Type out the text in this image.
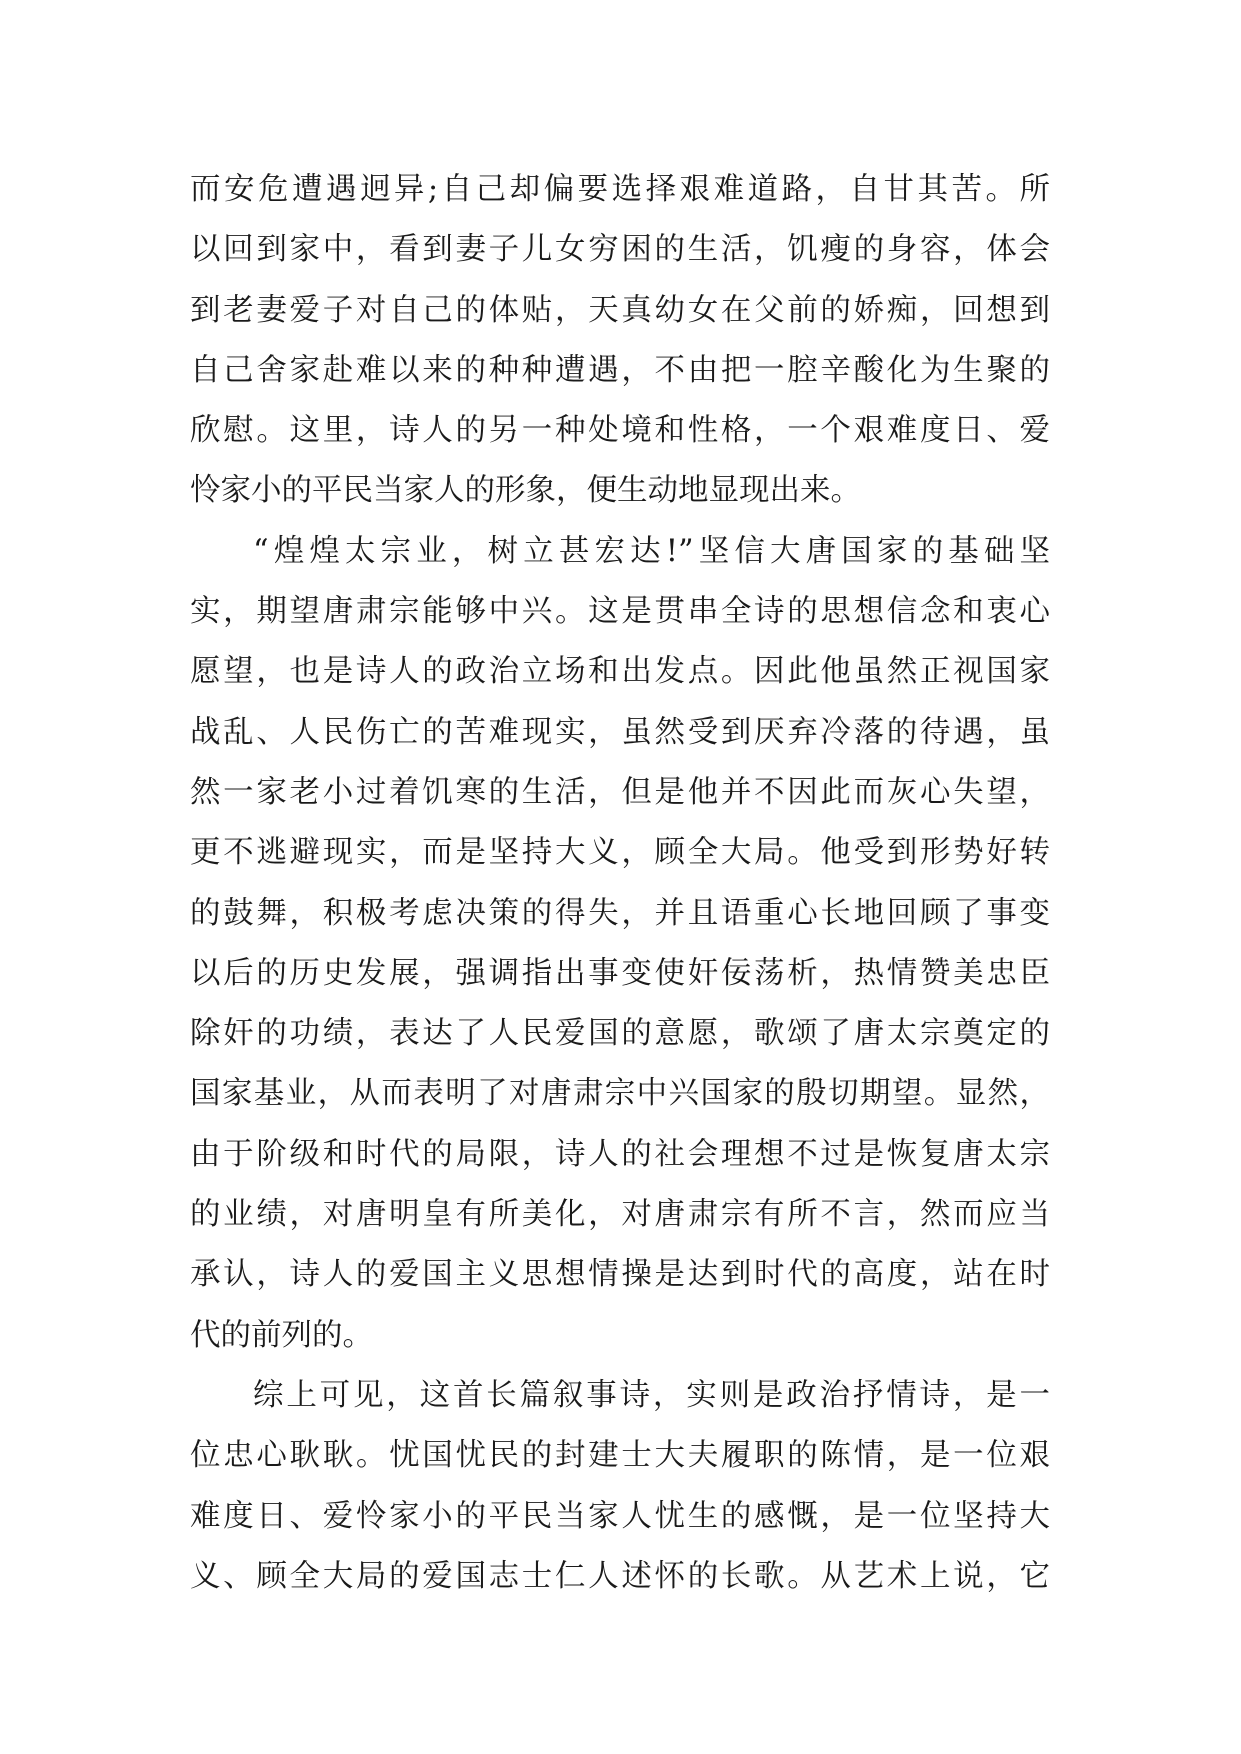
而安危遭遇迥异;自己却偏要选择艰难道路，自甘其苦。所
以回到家中，看到妻子儿女穷困的生活，饥瘦的身容，体会
到老妻爱子对自己的体贴，天真幼女在父前的娇痴，回想到
自己舍家赴难以来的种种遭遇，不由把一腔辛酸化为生聚的
欣慰。这里，诗人的另一种处境和性格，一个艰难度日、爱
怜家小的平民当家人的形象，便生动地显现出来。
“煌煌太宗业，树立甚宏达!”坚信大唐国家的基础坚
实，期望唐肃宗能够中兴。这是贯串全诗的思想信念和衷心
愿望，也是诗人的政治立场和出发点。因此他虽然正视国家
战乱、人民伤亡的苦难现实，虽然受到厌弃冷落的待遇，虽
然一家老小过着饥寒的生活，但是他并不因此而灰心失望，
更不逃避现实，而是坚持大义，顾全大局。他受到形势好转
的鼓舞，积极考虑决策的得失，并且语重心长地回顾了事变
以后的历史发展，强调指出事变使奸佞荡析，热情赞美忠臣
除奸的功绩，表达了人民爱国的意愿，歌颂了唐太宗奠定的
国家基业，从而表明了对唐肃宗中兴国家的殷切期望。显然，
由于阶级和时代的局限，诗人的社会理想不过是恢复唐太宗
的业绩，对唐明皇有所美化，对唐肃宗有所不言，然而应当
承认，诗人的爱国主义思想情操是达到时代的高度，站在时
代的前列的。
综上可见，这首长篇叙事诗，实则是政治抒情诗，是一
位忠心耿耿。忧国忧民的封建士大夫履职的陈情，是一位艰
难度日、爱怜家小的平民当家人忧生的感慨，是一位坚持大
义、顾全大局的爱国志士仁人述怀的长歌。从艺术上说，它
